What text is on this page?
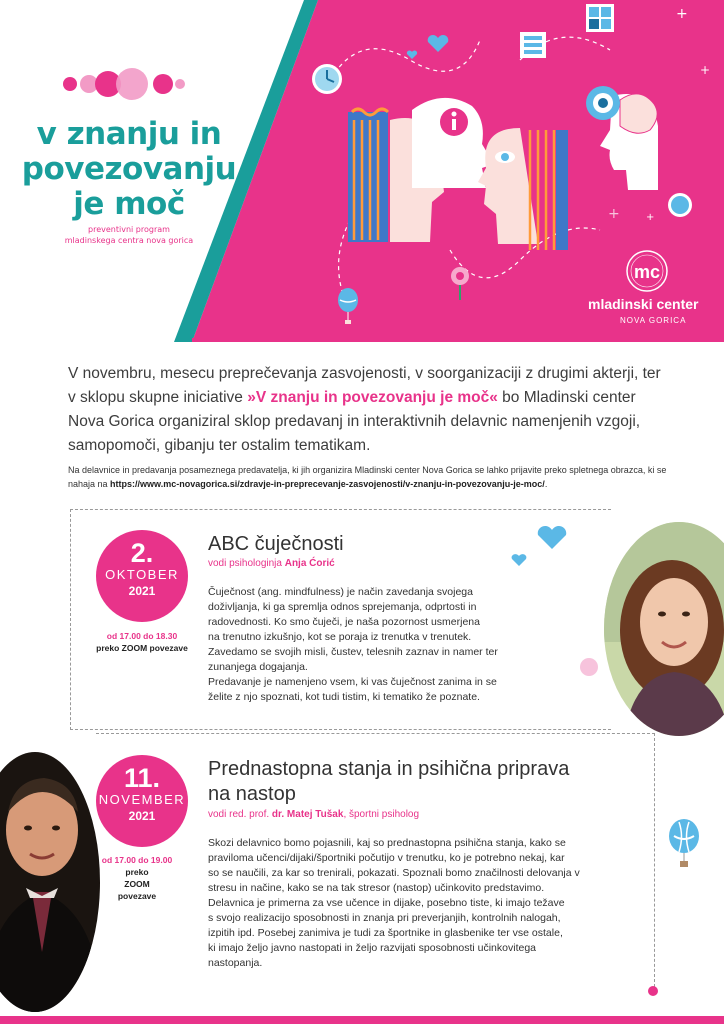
+
+
+	+
mc
v znanju in
povezovanju
je moč
preventivni program
mladinskega centra nova gorica
mladinski center
NOVA GORICA
V novembru, mesecu preprečevanja zasvojenosti, v soorganizaciji z drugimi akterji, ter v sklopu skupne iniciative »V znanju in povezovanju je moč« bo Mladinski center Nova Gorica organiziral sklop predavanj in interaktivnih delavnic namenjenih vzgoji, samopomoči, gibanju ter ostalim tematikam.
Na delavnice in predavanja posameznega predavatelja, ki jih organizira Mladinski center Nova Gorica se lahko prijavite preko spletnega obrazca, ki se nahaja na https://www.mc-novagorica.si/zdravje-in-preprecevanje-zasvojenosti/v-znanju-in-povezovanju-je-moc/.
2.
OKTOBER
2021
od 17.00 do 18.30
preko ZOOM povezave
ABC čuječnosti
vodi psihologinja Anja Ćorić
Čuječnost (ang. mindfulness) je način zavedanja svojega
doživljanja, ki ga spremlja odnos sprejemanja, odprtosti in
radovednosti. Ko smo čuječi, je naša pozornost usmerjena
na trenutno izkušnjo, kot se poraja iz trenutka v trenutek.
Zavedamo se svojih misli, čustev, telesnih zaznav in namer ter
zunanjega dogajanja.
Predavanje je namenjeno vsem, ki vas čuječnost zanima in se
želite z njo spoznati, kot tudi tistim, ki tematiko že poznate.
11.
NOVEMBER
2021
od 17.00 do 19.00
preko
ZOOM
povezave
Prednastopna stanja in psihična priprava
na nastop
vodi red. prof. dr. Matej Tušak, športni psiholog
Skozi delavnico bomo pojasnili, kaj so prednastopna psihična stanja, kako se
praviloma učenci/dijaki/športniki počutijo v trenutku, ko je potrebno nekaj, kar
so se naučili, za kar so trenirali, pokazati. Spoznali bomo značilnosti delovanja v
stresu in načine, kako se na tak stresor (nastop) učinkovito predstavimo.
Delavnica je primerna za vse učence in dijake, posebno tiste, ki imajo težave
s svojo realizacijo sposobnosti in znanja pri preverjanjih, kontrolnih nalogah,
izpitih ipd. Posebej zanimiva je tudi za športnike in glasbenike ter vse ostale,
ki imajo željo javno nastopati in željo razvijati sposobnosti učinkovitega
nastopanja.
